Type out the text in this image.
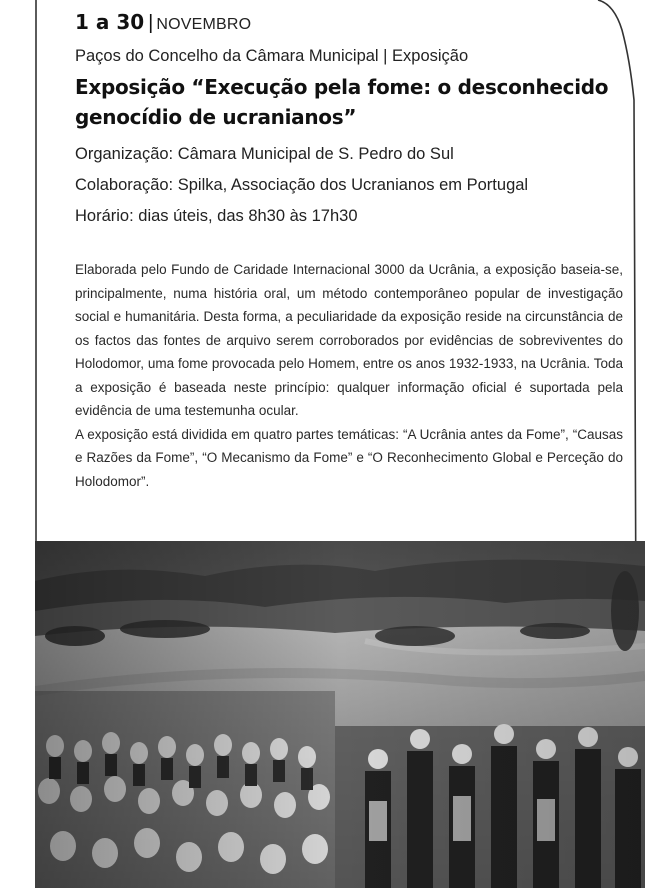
1 a 30 | NOVEMBRO
Paços do Concelho da Câmara Municipal | Exposição
Exposição “Execução pela fome: o desconhecido genocídio de ucranianos”
Organização: Câmara Municipal de S. Pedro do Sul
Colaboração: Spilka, Associação dos Ucranianos em Portugal
Horário: dias úteis, das 8h30 às 17h30

Elaborada pelo Fundo de Caridade Internacional 3000 da Ucrânia, a exposição baseia-se, principalmente, numa história oral, um método contemporâneo popular de investigação social e humanitária. Desta forma, a peculiaridade da exposição reside na circunstância de os factos das fontes de arquivo serem corroborados por evidências de sobreviventes do Holodomor, uma fome provocada pelo Homem, entre os anos 1932-1933, na Ucrânia. Toda a exposição é baseada neste princípio: qualquer informação oficial é suportada pela evidência de uma testemunha ocular.

A exposição está dividida em quatro partes temáticas: “A Ucrânia antes da Fome”, “Causas e Razões da Fome”, “O Mecanismo da Fome” e “O Reconhecimento Global e Perceção do Holodomor”.
